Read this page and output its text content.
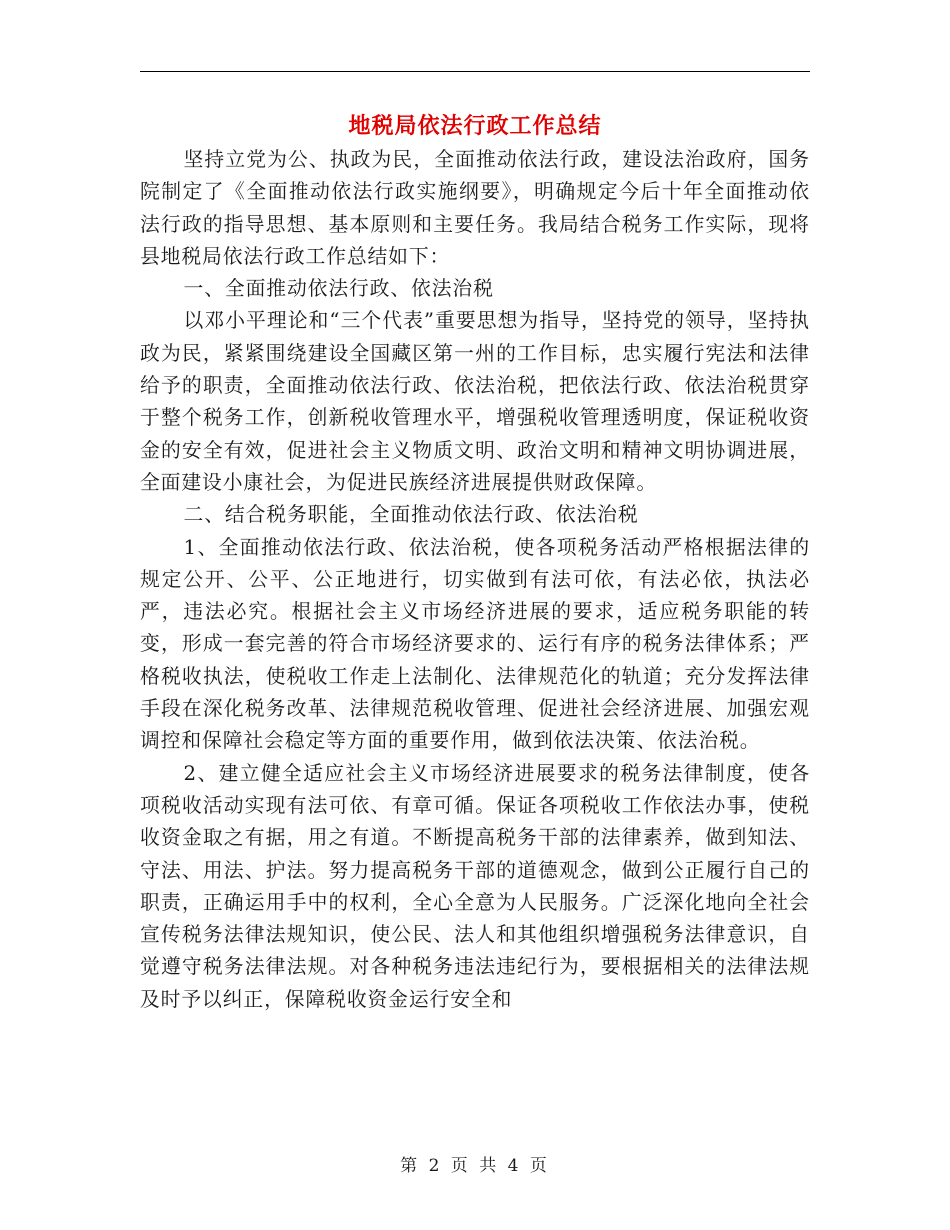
地税局依法行政工作总结

坚持立党为公、执政为民，全面推动依法行政，建设法治政府，国务院制定了《全面推动依法行政实施纲要》，明确规定今后十年全面推动依法行政的指导思想、基本原则和主要任务。我局结合税务工作实际，现将县地税局依法行政工作总结如下：

一、全面推动依法行政、依法治税

以邓小平理论和“三个代表”重要思想为指导，坚持党的领导，坚持执政为民，紧紧围绕建设全国藏区第一州的工作目标，忠实履行宪法和法律给予的职责，全面推动依法行政、依法治税，把依法行政、依法治税贯穿于整个税务工作，创新税收管理水平，增强税收管理透明度，保证税收资金的安全有效，促进社会主义物质文明、政治文明和精神文明协调进展，全面建设小康社会，为促进民族经济进展提供财政保障。

二、结合税务职能，全面推动依法行政、依法治税

1、全面推动依法行政、依法治税，使各项税务活动严格根据法律的规定公开、公平、公正地进行，切实做到有法可依，有法必依，执法必严，违法必究。根据社会主义市场经济进展的要求，适应税务职能的转变，形成一套完善的符合市场经济要求的、运行有序的税务法律体系；严格税收执法，使税收工作走上法制化、法律规范化的轨道；充分发挥法律手段在深化税务改革、法律规范税收管理、促进社会经济进展、加强宏观调控和保障社会稳定等方面的重要作用，做到依法决策、依法治税。

2、建立健全适应社会主义市场经济进展要求的税务法律制度，使各项税收活动实现有法可依、有章可循。保证各项税收工作依法办事，使税收资金取之有据，用之有道。不断提高税务干部的法律素养，做到知法、守法、用法、护法。努力提高税务干部的道德观念，做到公正履行自己的职责，正确运用手中的权利，全心全意为人民服务。广泛深化地向全社会宣传税务法律法规知识，使公民、法人和其他组织增强税务法律意识，自觉遵守税务法律法规。对各种税务违法违纪行为，要根据相关的法律法规及时予以纠正，保障税收资金运行安全和

第 2 页 共 4 页
